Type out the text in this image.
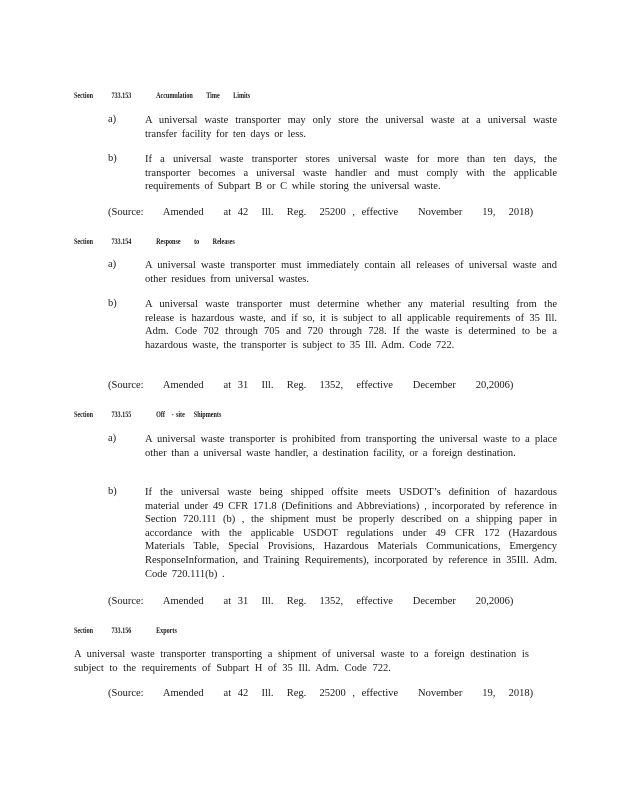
Section 733.153	Accumulation      Time      Limits
a)	A universal waste transporter may only store the universal waste at a universal waste transfer facility for ten days or less.
b)	If a universal waste transporter stores universal waste for more than ten days, the transporter becomes a universal waste handler and must comply with the applicable requirements of Subpart B or C while storing the universal waste.
(Source:   Amended   at 42  Ill.  Reg.  25200 , effective   November   19,  2018)
Section 733.154	Response      to      Releases
a)	A universal waste transporter must immediately contain all releases of universal waste and other residues from universal wastes.
b)	A universal waste transporter must determine whether any material resulting from the release is hazardous waste, and if so, it is subject to all applicable requirements of 35 Ill. Adm. Code 702 through 705 and 720 through 728. If the waste is determined to be a hazardous waste, the transporter is subject to 35 Ill. Adm. Code 722.
(Source:   Amended   at 31  Ill.  Reg.  1352,  effective   December   20,2006)
Section 733.155	Off   - site    Shipments
a)	A universal waste transporter is prohibited from transporting the universal waste to a place other than a universal waste handler, a destination facility, or a foreign destination.
b)	If the universal waste being shipped offsite meets USDOT’s definition of hazardous material under 49 CFR 171.8 (Definitions and Abbreviations) , incorporated by reference in Section 720.111 (b) , the shipment must be properly described on a shipping paper in accordance with the applicable USDOT regulations under 49 CFR 172 (Hazardous Materials Table, Special Provisions, Hazardous Materials Communications, Emergency ResponseInformation, and Training Requirements), incorporated by reference in 35Ill. Adm. Code 720.111(b) .
(Source:   Amended   at 31  Ill.  Reg.  1352,  effective   December   20,2006)
Section 733.156	Exports
A universal waste transporter transporting a shipment of universal waste to a foreign destination is subject to the requirements of Subpart H of 35 Ill. Adm. Code 722.
(Source:   Amended   at 42  Ill.  Reg.  25200 , effective   November   19,  2018)
